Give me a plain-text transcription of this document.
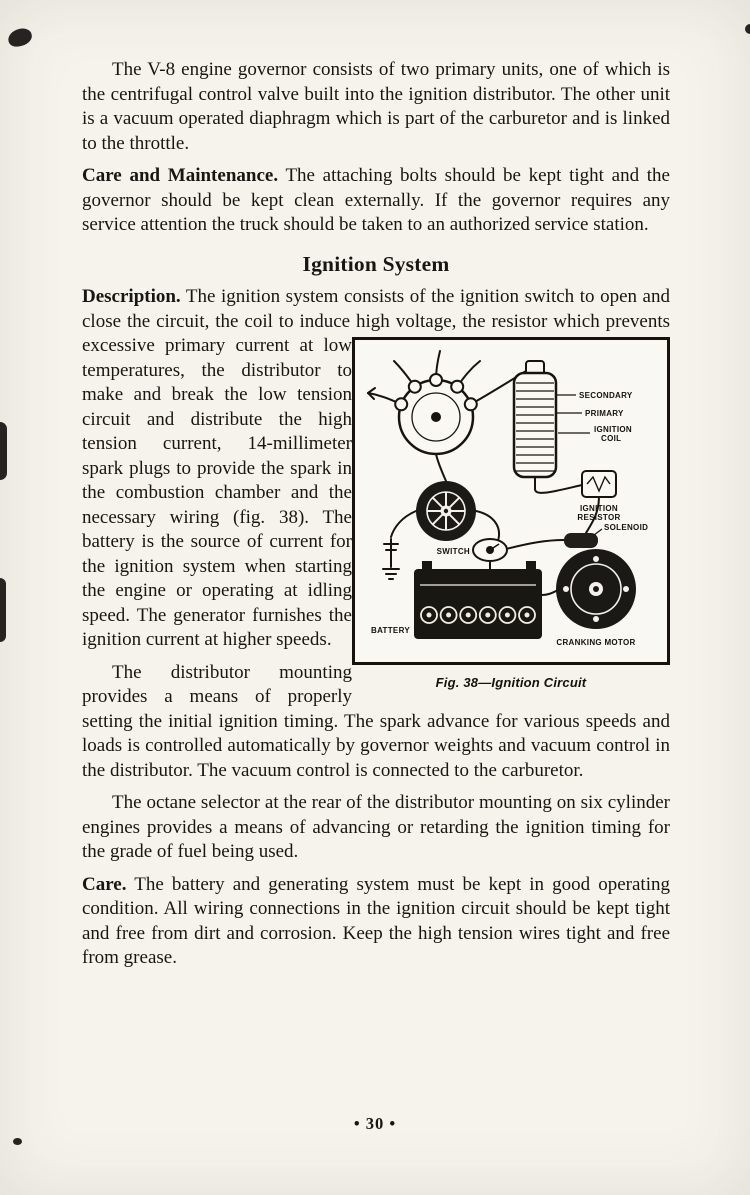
The V-8 engine governor consists of two primary units, one of which is the centrifugal control valve built into the ignition distributor. The other unit is a vacuum operated diaphragm which is part of the carburetor and is linked to the throttle.
Care and Maintenance. The attaching bolts should be kept tight and the governor should be kept clean externally. If the governor requires any service attention the truck should be taken to an authorized service station.
Ignition System
Description. The ignition system consists of the ignition switch to open and close the circuit, the coil to induce high voltage,
SECONDARY
PRIMARY
IGNITION
COIL
IGNITION
RESISTOR
SOLENOID
SWITCH
BATTERY
CRANKING MOTOR
Fig. 38—Ignition Circuit
the resistor which prevents excessive primary current at low temperatures, the distributor to make and break the low tension circuit and distribute the high tension current, 14-millimeter spark plugs to provide the spark in the combustion chamber and the necessary wiring (fig. 38). The battery is the source of current for the ignition system when starting the engine or operating at idling speed. The generator furnishes the ignition current at higher speeds.
The distributor mounting provides a means of properly setting the initial ignition timing. The spark advance for various speeds and loads is controlled automatically by governor weights and vacuum control in the distributor. The vacuum control is connected to the carburetor.
The octane selector at the rear of the distributor mounting on six cylinder engines provides a means of advancing or retarding the ignition timing for the grade of fuel being used.
Care. The battery and generating system must be kept in good operating condition. All wiring connections in the ignition circuit should be kept tight and free from dirt and corrosion. Keep the high tension wires tight and free from grease.
• 30 •
